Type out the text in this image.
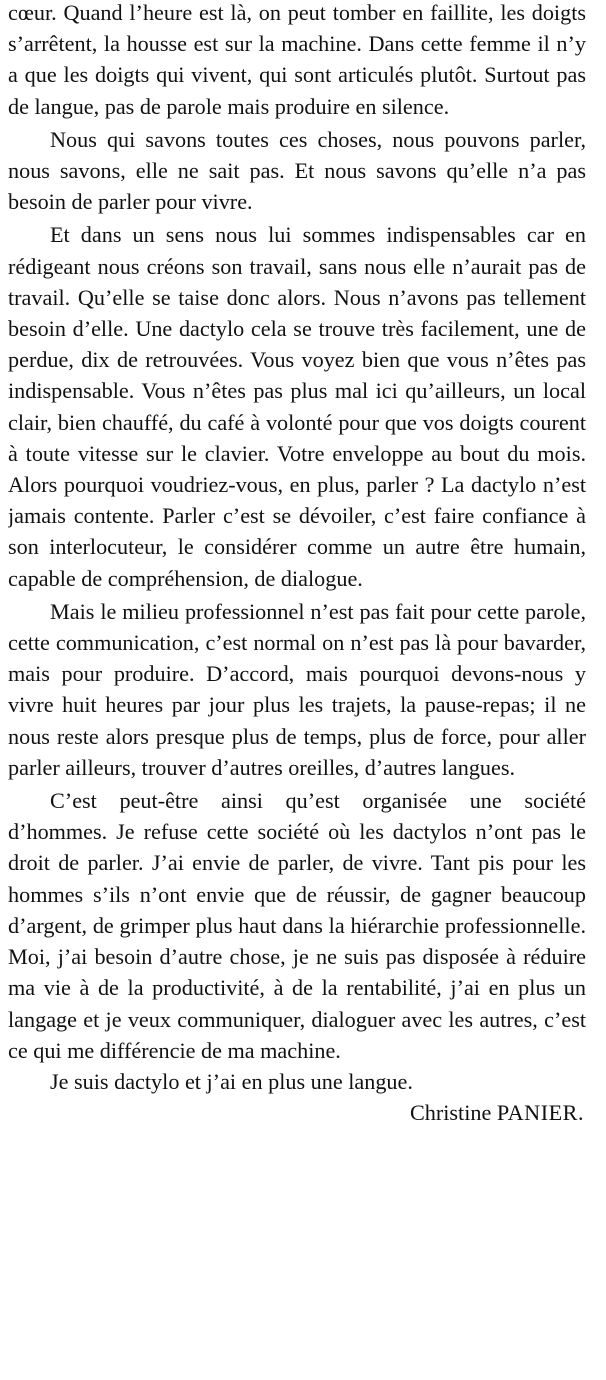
cœur. Quand l’heure est là, on peut tomber en faillite, les doigts s’arrêtent, la housse est sur la machine. Dans cette femme il n’y a que les doigts qui vivent, qui sont articulés plutôt. Surtout pas de langue, pas de parole mais produire en silence.

Nous qui savons toutes ces choses, nous pouvons parler, nous savons, elle ne sait pas. Et nous savons qu’elle n’a pas besoin de parler pour vivre.

Et dans un sens nous lui sommes indispensables car en rédigeant nous créons son travail, sans nous elle n’aurait pas de travail. Qu’elle se taise donc alors. Nous n’avons pas tellement besoin d’elle. Une dactylo cela se trouve très facilement, une de perdue, dix de retrouvées. Vous voyez bien que vous n’êtes pas indispensable. Vous n’êtes pas plus mal ici qu’ailleurs, un local clair, bien chauffé, du café à volonté pour que vos doigts courent à toute vitesse sur le clavier. Votre enveloppe au bout du mois. Alors pourquoi voudriez-vous, en plus, parler ? La dactylo n’est jamais contente. Parler c’est se dévoiler, c’est faire confiance à son interlocuteur, le considérer comme un autre être humain, capable de compréhension, de dialogue.

Mais le milieu professionnel n’est pas fait pour cette parole, cette communication, c’est normal on n’est pas là pour bavarder, mais pour produire. D’accord, mais pourquoi devons-nous y vivre huit heures par jour plus les trajets, la pause-repas; il ne nous reste alors presque plus de temps, plus de force, pour aller parler ailleurs, trouver d’autres oreilles, d’autres langues.

C’est peut-être ainsi qu’est organisée une société d’hommes. Je refuse cette société où les dactylos n’ont pas le droit de parler. J’ai envie de parler, de vivre. Tant pis pour les hommes s’ils n’ont envie que de réussir, de gagner beaucoup d’argent, de grimper plus haut dans la hiérarchie professionnelle. Moi, j’ai besoin d’autre chose, je ne suis pas disposée à réduire ma vie à de la productivité, à de la rentabilité, j’ai en plus un langage et je veux communiquer, dialoguer avec les autres, c’est ce qui me différencie de ma machine.

Je suis dactylo et j’ai en plus une langue.

Christine PANIER.
